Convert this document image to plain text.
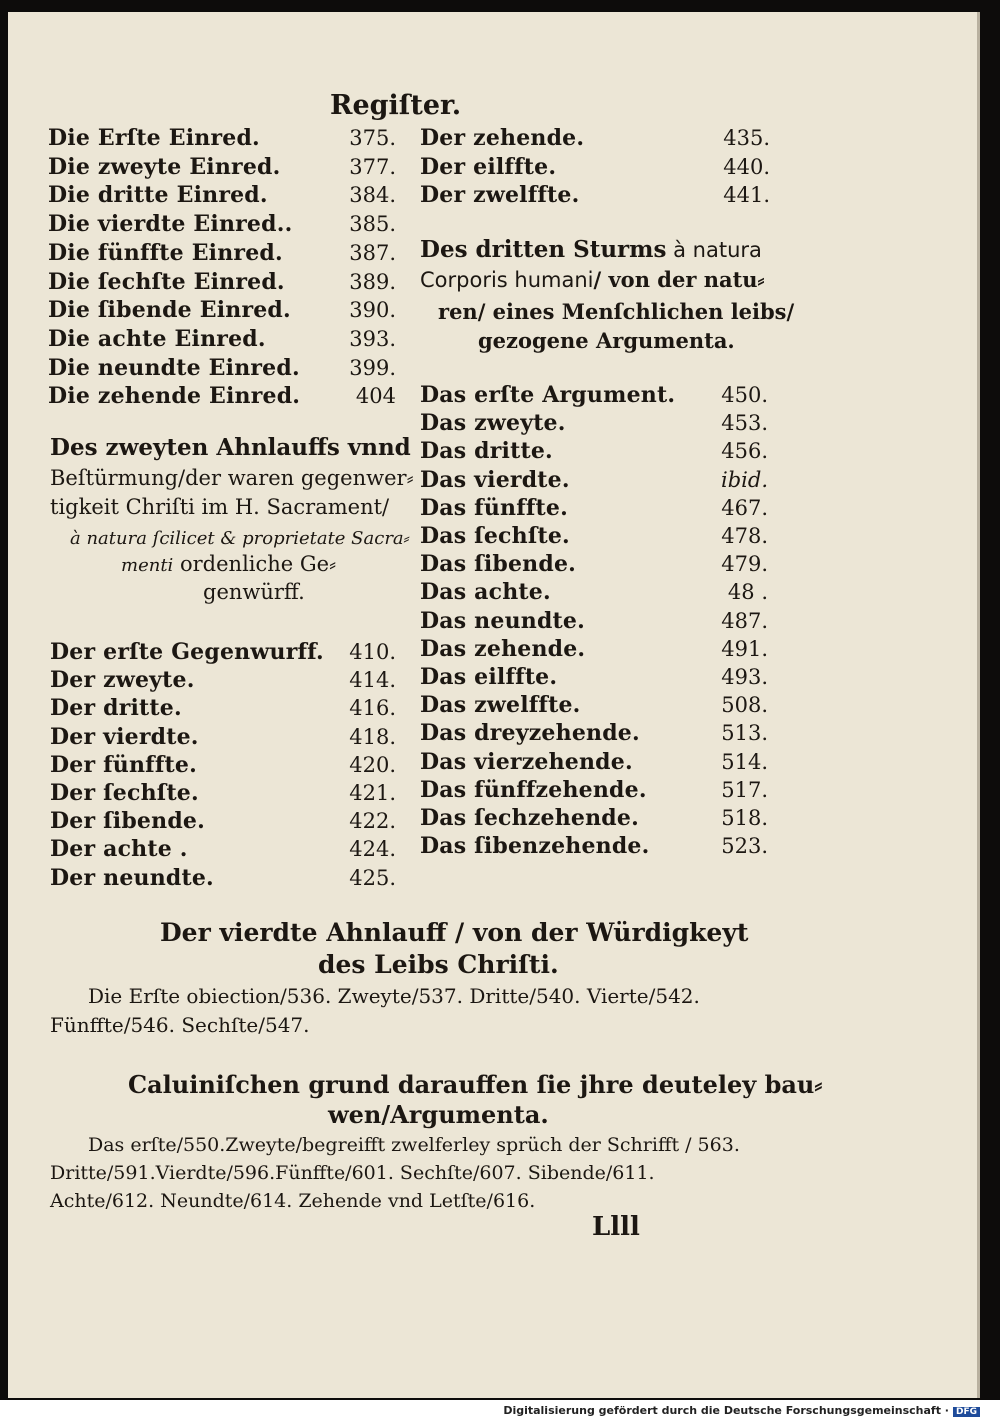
Regiſter.
Die Erſte Einred.	375.
Die zweyte Einred.	377.
Die dritte Einred.	384.
Die vierdte Einred..	385.
Die fünffte Einred.	387.
Die ſechſte Einred.	389.
Die ſibende Einred.	390.
Die achte Einred.	393.
Die neundte Einred.	399.
Die zehende Einred.	404
Des zweyten Ahnlauffs vnnd
Beſtürmung/der waren gegenwer⸗
tigkeit Chriſti im H. Sacrament/
à natura ſcilicet & proprietate Sacra⸗
menti ordenliche Ge⸗
genwürff.
Der erſte Gegenwurff.	410.
Der zweyte.	414.
Der dritte.	416.
Der vierdte.	418.
Der fünffte.	420.
Der ſechſte.	421.
Der ſibende.	422.
Der achte .	424.
Der neundte.	425.
Der zehende.	435.
Der eilffte.	440.
Der zwelffte.	441.
Des dritten Sturms à natura
Corporis humani/ von der natu⸗
ren/ eines Menſchlichen leibs/
gezogene Argumenta.
Das erſte Argument.	450.
Das zweyte.	453.
Das dritte.	456.
Das vierdte.	ibid.
Das fünffte.	467.
Das ſechſte.	478.
Das ſibende.	479.
Das achte.	48 .
Das neundte.	487.
Das zehende.	491.
Das eilffte.	493.
Das zwelffte.	508.
Das dreyzehende.	513.
Das vierzehende.	514.
Das fünffzehende.	517.
Das ſechzehende.	518.
Das ſibenzehende.	523.
Der vierdte Ahnlauff / von der Würdigkeyt
des Leibs Chriſti.
Die Erſte obiection/536. Zweyte/537. Dritte/540. Vierte/542.
Fünffte/546. Sechſte/547.
Caluiniſchen grund darauffen ſie jhre deuteley bau⸗
wen/Argumenta.
Das erſte/550.Zweyte/begreifft zwelferley sprüch der Schrifft / 563.
Dritte/591.Vierdte/596.Fünffte/601. Sechſte/607. Sibende/611.
Achte/612. Neundte/614. Zehende vnd Letſte/616.
Llll
Digitalisierung gefördert durch die Deutsche Forschungsgemeinschaft · DFG
